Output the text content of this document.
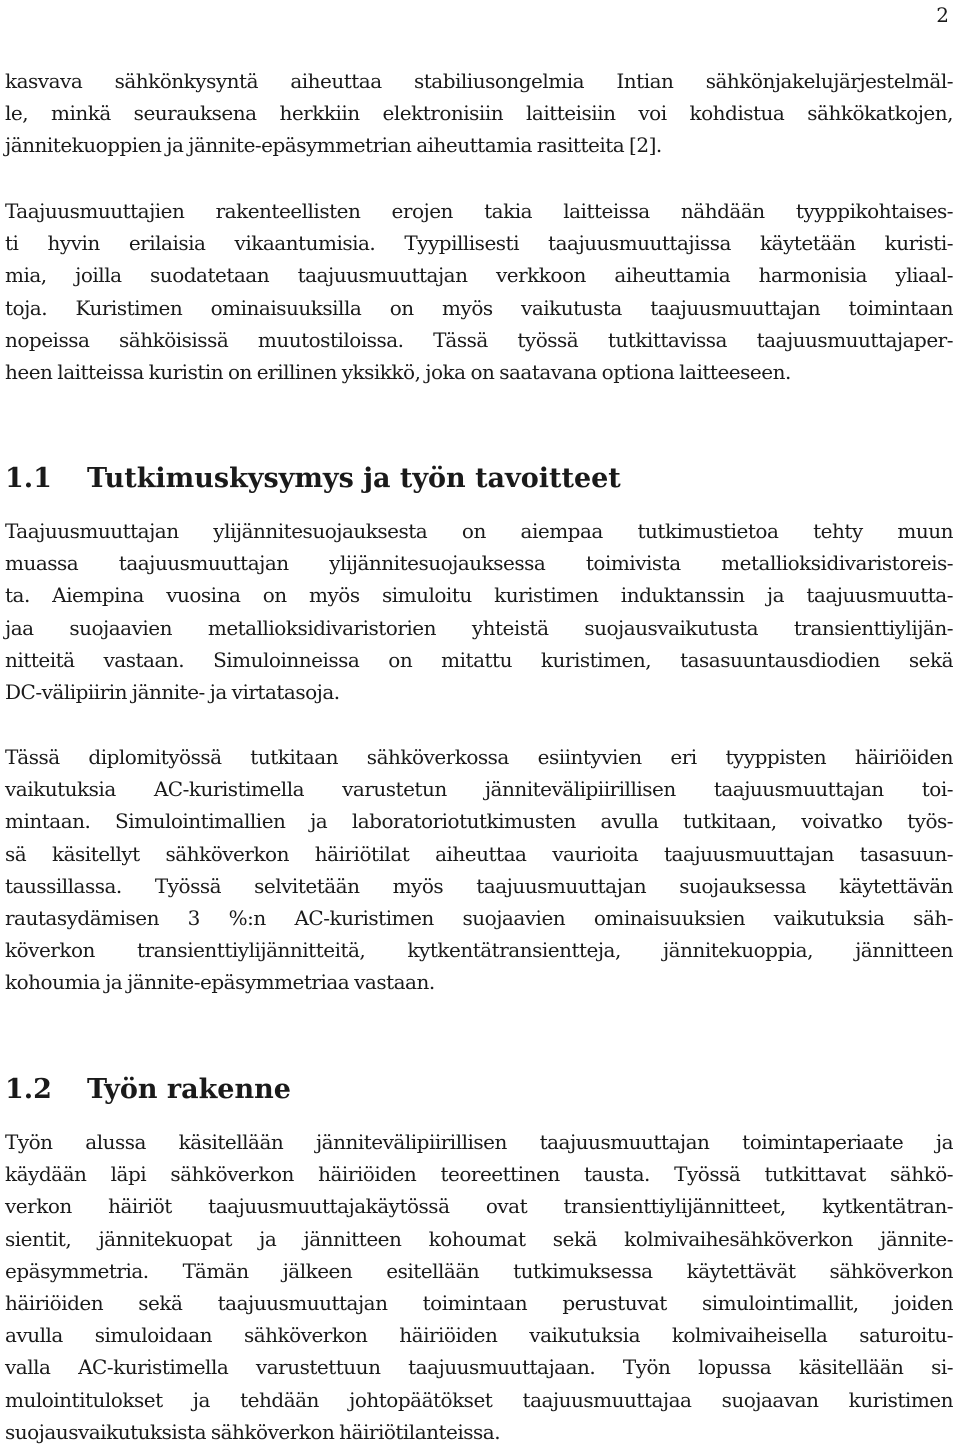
2
kasvava sähkönkysyntä aiheuttaa stabiliusongelmia Intian sähkönjakelujärjestelmäl-
le, minkä seurauksena herkkiin elektronisiin laitteisiin voi kohdistua sähkökatkojen,
jännitekuoppien ja jännite-epäsymmetrian aiheuttamia rasitteita [2].
Taajuusmuuttajien rakenteellisten erojen takia laitteissa nähdään tyyppikohtaises-
ti hyvin erilaisia vikaantumisia. Tyypillisesti taajuusmuuttajissa käytetään kuristi-
mia, joilla suodatetaan taajuusmuuttajan verkkoon aiheuttamia harmonisia yliaal-
toja. Kuristimen ominaisuuksilla on myös vaikutusta taajuusmuuttajan toimintaan
nopeissa sähköisissä muutostiloissa. Tässä työssä tutkittavissa taajuusmuuttajaper-
heen laitteissa kuristin on erillinen yksikkö, joka on saatavana optiona laitteeseen.
1.1 Tutkimuskysymys ja työn tavoitteet
Taajuusmuuttajan ylijännitesuojauksesta on aiempaa tutkimustietoa tehty muun
muassa taajuusmuuttajan ylijännitesuojauksessa toimivista metallioksidivaristoreis-
ta. Aiempina vuosina on myös simuloitu kuristimen induktanssin ja taajuusmuutta-
jaa suojaavien metallioksidivaristorien yhteistä suojausvaikutusta transienttiylijän-
nitteitä vastaan. Simuloinneissa on mitattu kuristimen, tasasuuntausdiodien sekä
DC-välipiirin jännite- ja virtatasoja.
Tässä diplomityössä tutkitaan sähköverkossa esiintyvien eri tyyppisten häiriöiden
vaikutuksia AC-kuristimella varustetun jännitevälipiirillisen taajuusmuuttajan toi-
mintaan. Simulointimallien ja laboratoriotutkimusten avulla tutkitaan, voivatko työs-
sä käsitellyt sähköverkon häiriötilat aiheuttaa vaurioita taajuusmuuttajan tasasuun-
taussillassa. Työssä selvitetään myös taajuusmuuttajan suojauksessa käytettävän
rautasydämisen 3 %:n AC-kuristimen suojaavien ominaisuuksien vaikutuksia säh-
köverkon transienttiylijännitteitä, kytkentätransientteja, jännitekuoppia, jännitteen
kohoumia ja jännite-epäsymmetriaa vastaan.
1.2 Työn rakenne
Työn alussa käsitellään jännitevälipiirillisen taajuusmuuttajan toimintaperiaate ja
käydään läpi sähköverkon häiriöiden teoreettinen tausta. Työssä tutkittavat sähkö-
verkon häiriöt taajuusmuuttajakäytössä ovat transienttiylijännitteet, kytkentätran-
sientit, jännitekuopat ja jännitteen kohoumat sekä kolmivaihesähköverkon jännite-
epäsymmetria. Tämän jälkeen esitellään tutkimuksessa käytettävät sähköverkon
häiriöiden sekä taajuusmuuttajan toimintaan perustuvat simulointimallit, joiden
avulla simuloidaan sähköverkon häiriöiden vaikutuksia kolmivaiheisella saturoitu-
valla AC-kuristimella varustettuun taajuusmuuttajaan. Työn lopussa käsitellään si-
mulointitulokset ja tehdään johtopäätökset taajuusmuuttajaa suojaavan kuristimen
suojausvaikutuksista sähköverkon häiriötilanteissa.
